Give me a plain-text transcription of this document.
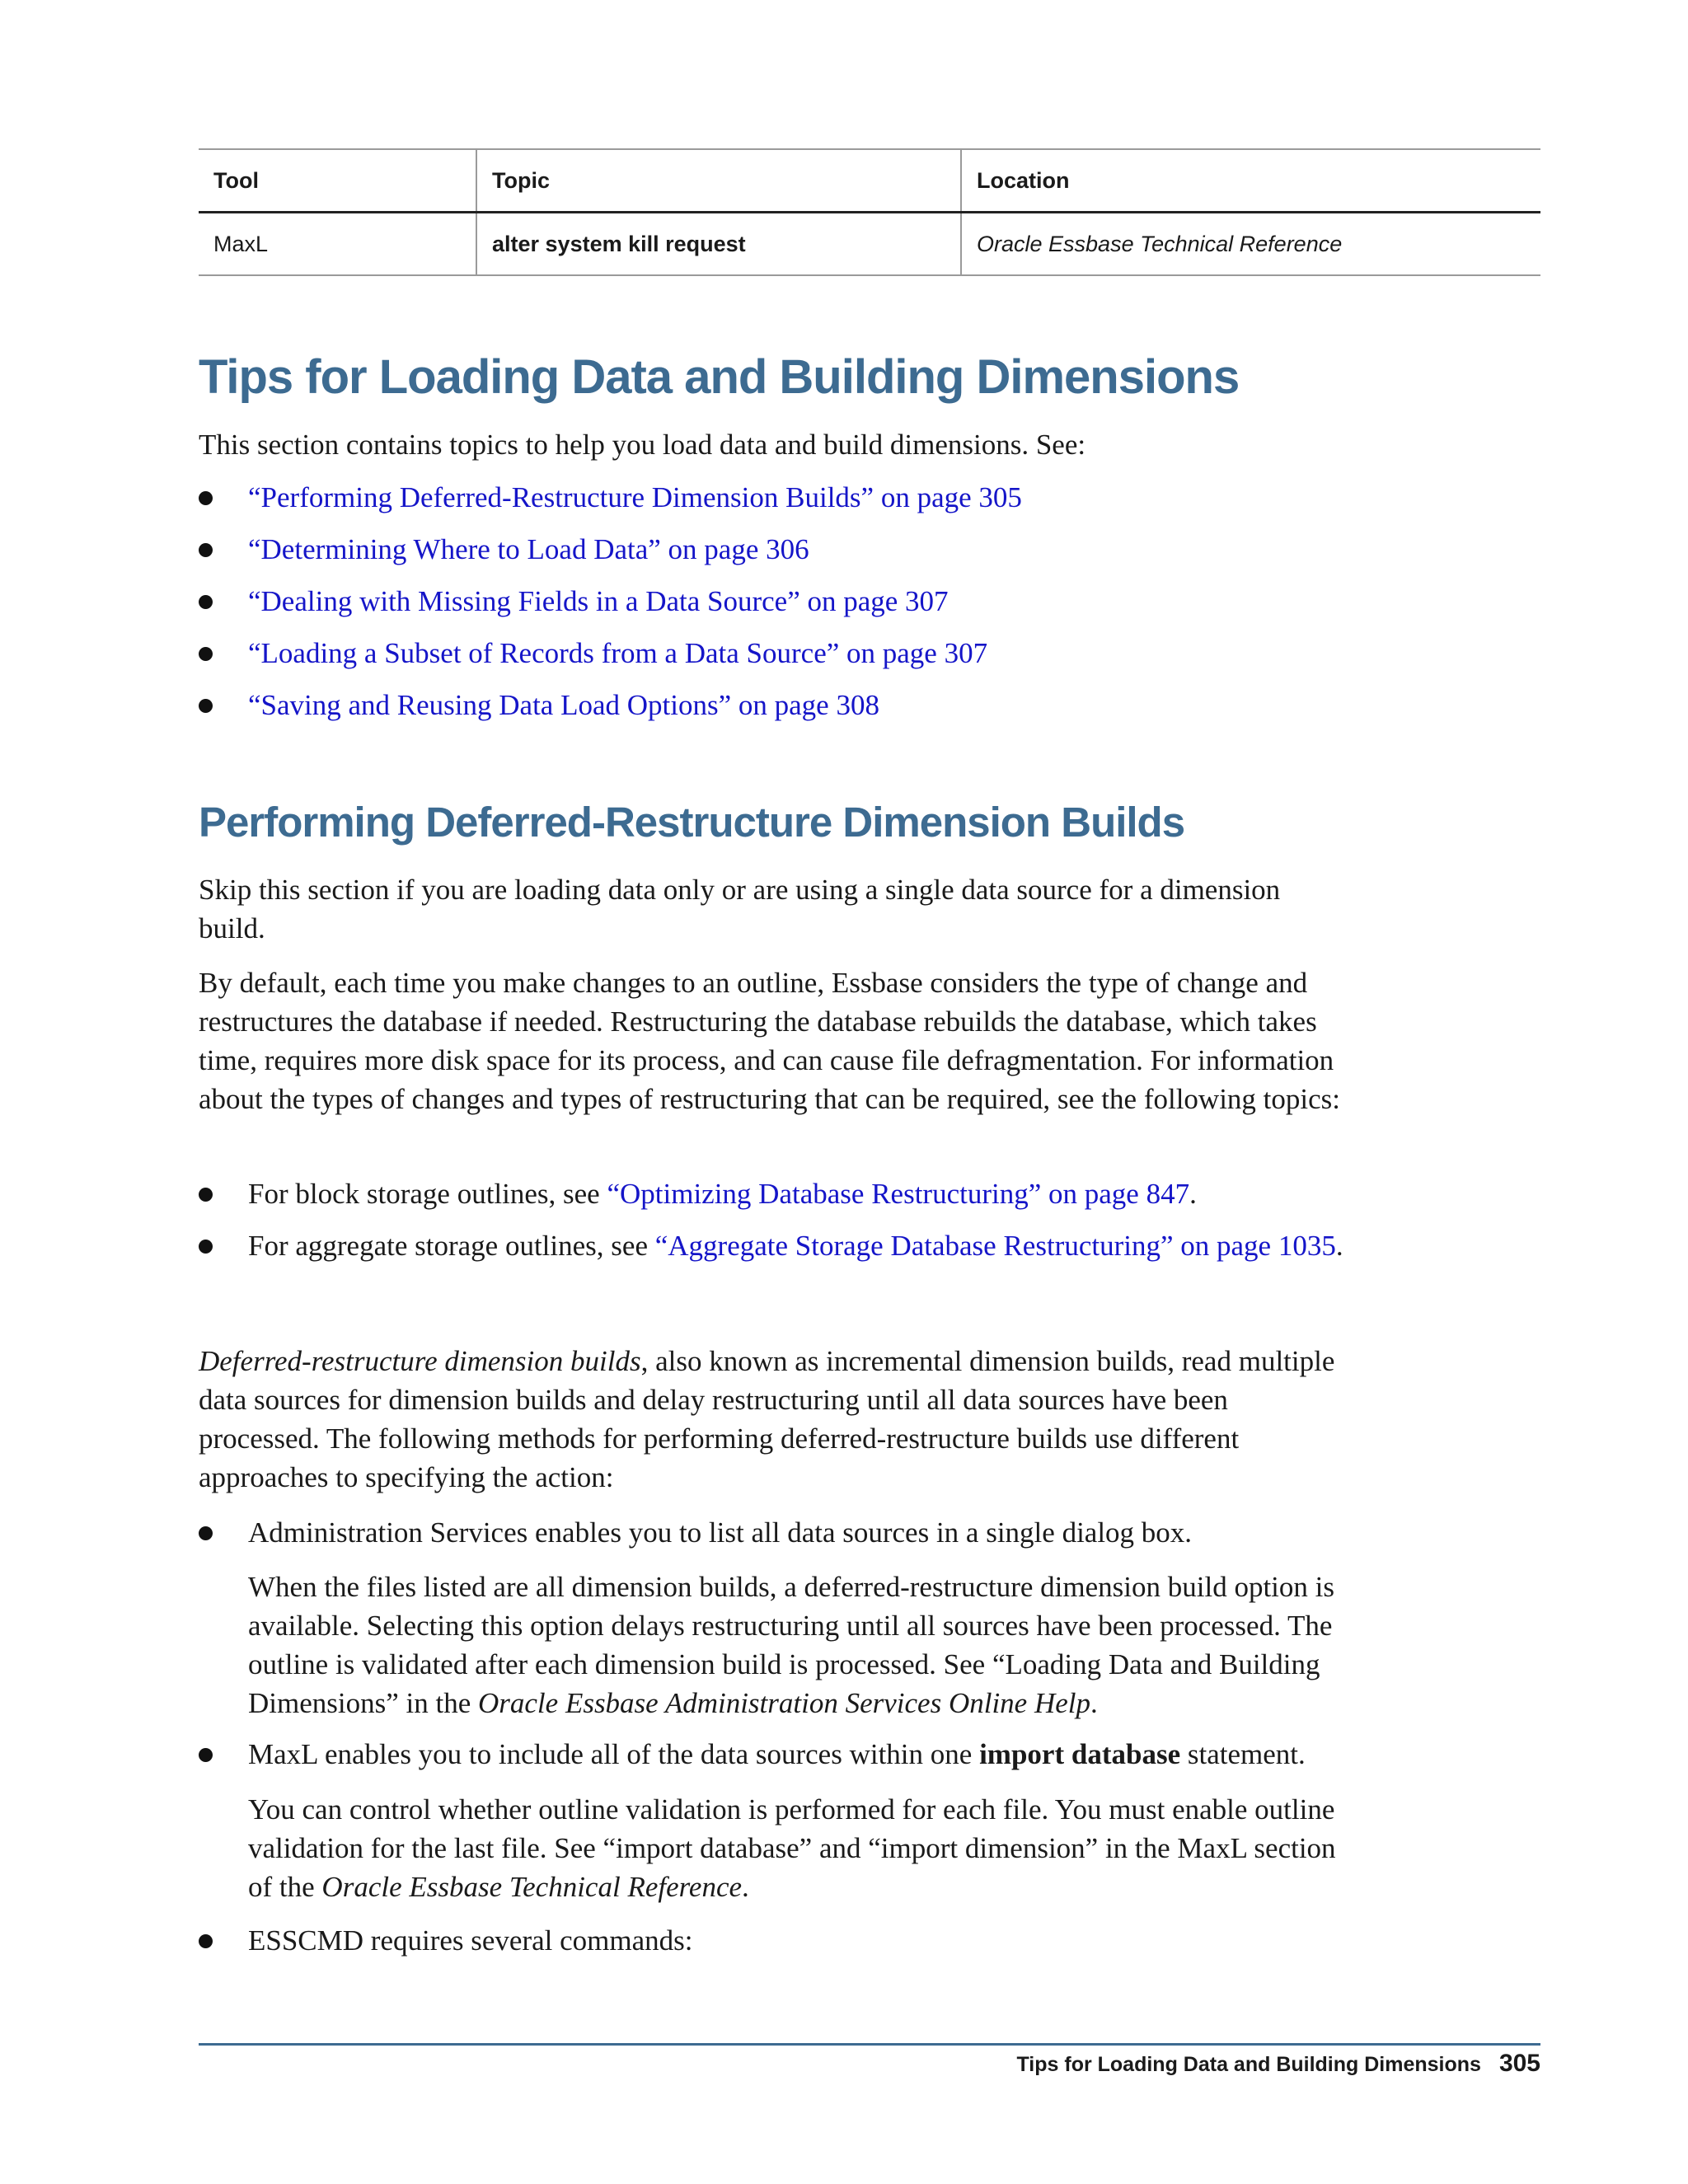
Tool	Topic	Location
MaxL	alter system kill request	Oracle Essbase Technical Reference
Tips for Loading Data and Building Dimensions

This section contains topics to help you load data and build dimensions. See:

“Performing Deferred-Restructure Dimension Builds” on page 305
“Determining Where to Load Data” on page 306
“Dealing with Missing Fields in a Data Source” on page 307
“Loading a Subset of Records from a Data Source” on page 307
“Saving and Reusing Data Load Options” on page 308
Performing Deferred-Restructure Dimension Builds

Skip this section if you are loading data only or are using a single data source for a dimension build.

By default, each time you make changes to an outline, Essbase considers the type of change and restructures the database if needed. Restructuring the database rebuilds the database, which takes time, requires more disk space for its process, and can cause file defragmentation. For information about the types of changes and types of restructuring that can be required, see the following topics:

For block storage outlines, see “Optimizing Database Restructuring” on page 847.
For aggregate storage outlines, see “Aggregate Storage Database Restructuring” on page 1035.

Deferred-restructure dimension builds, also known as incremental dimension builds, read multiple data sources for dimension builds and delay restructuring until all data sources have been processed. The following methods for performing deferred-restructure builds use different approaches to specifying the action:

Administration Services enables you to list all data sources in a single dialog box.

When the files listed are all dimension builds, a deferred-restructure dimension build option is available. Selecting this option delays restructuring until all sources have been processed. The outline is validated after each dimension build is processed. See “Loading Data and Building Dimensions” in the Oracle Essbase Administration Services Online Help.

MaxL enables you to include all of the data sources within one import database statement.

You can control whether outline validation is performed for each file. You must enable outline validation for the last file. See “import database” and “import dimension” in the MaxL section of the Oracle Essbase Technical Reference.

ESSCMD requires several commands:
Tips for Loading Data and Building Dimensions 305
